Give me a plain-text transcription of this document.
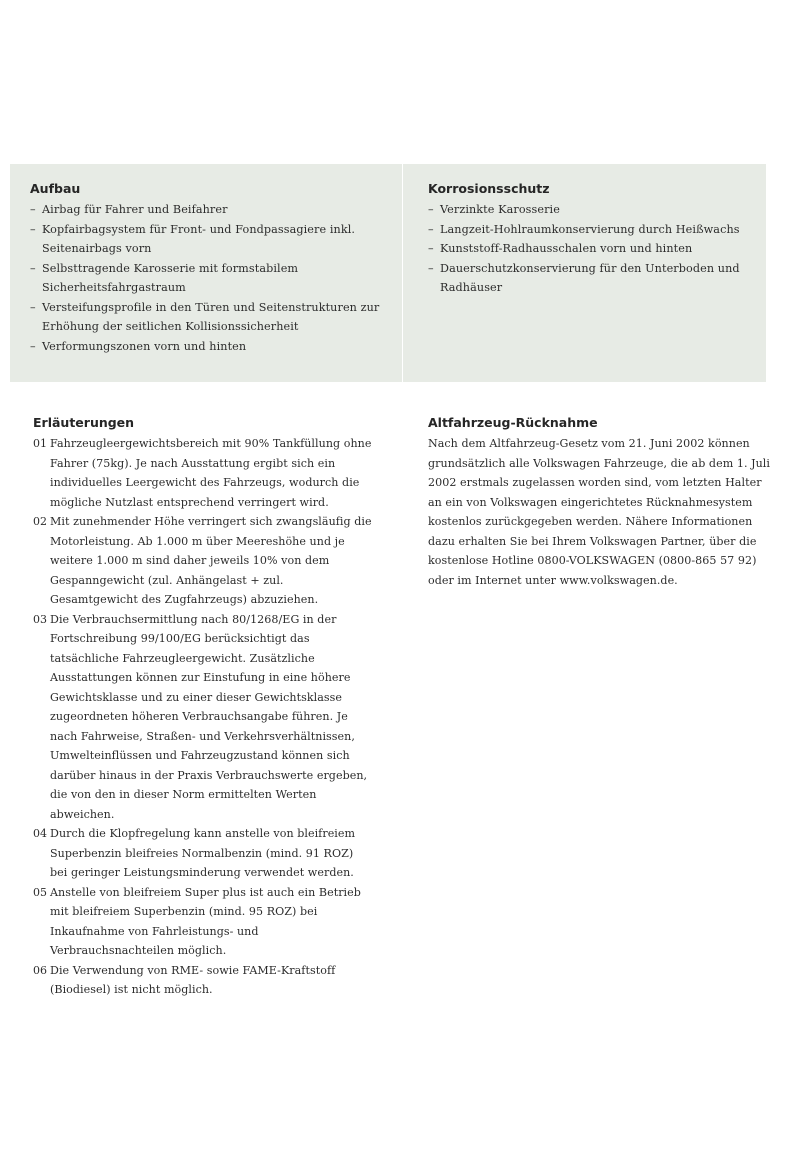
Aufbau
– Airbag für Fahrer und Beifahrer
– Kopfairbagsystem für Front- und Fondpassagiere inkl. Seitenairbags vorn
– Selbsttragende Karosserie mit formstabilem Sicherheitsfahrgastraum
– Versteifungsprofile in den Türen und Seitenstrukturen zur Erhöhung der seitlichen Kollisionssicherheit
– Verformungszonen vorn und hinten
Korrosionsschutz
– Verzinkte Karosserie
– Langzeit-Hohlraumkonservierung durch Heißwachs
– Kunststoff-Radhausschalen vorn und hinten
– Dauerschutzkonservierung für den Unterboden und Radhäuser
Erläuterungen
01 Fahrzeugleergewichtsbereich mit 90% Tankfüllung ohne Fahrer (75kg). Je nach Ausstattung ergibt sich ein individuelles Leergewicht des Fahrzeugs, wodurch die mögliche Nutzlast entsprechend verringert wird.
02 Mit zunehmender Höhe verringert sich zwangsläufig die Motorleistung. Ab 1.000 m über Meereshöhe und je weitere 1.000 m sind daher jeweils 10% von dem Gespanngewicht (zul. Anhängelast + zul. Gesamtgewicht des Zugfahrzeugs) abzuziehen.
03 Die Verbrauchsermittlung nach 80/1268/EG in der Fortschreibung 99/100/EG berücksichtigt das tatsächliche Fahrzeugleergewicht. Zusätzliche Ausstattungen können zur Einstufung in eine höhere Gewichtsklasse und zu einer dieser Gewichtsklasse zugeordneten höheren Verbrauchsangabe führen. Je nach Fahrweise, Straßen- und Verkehrsverhältnissen, Umwelteinflüssen und Fahrzeugzustand können sich darüber hinaus in der Praxis Verbrauchswerte ergeben, die von den in dieser Norm ermittelten Werten abweichen.
04 Durch die Klopfregelung kann anstelle von bleifreiem Superbenzin bleifreies Normalbenzin (mind. 91 ROZ) bei geringer Leistungsminderung verwendet werden.
05 Anstelle von bleifreiem Super plus ist auch ein Betrieb mit bleifreiem Superbenzin (mind. 95 ROZ) bei Inkaufnahme von Fahrleistungs- und Verbrauchsnachteilen möglich.
06 Die Verwendung von RME- sowie FAME-Kraftstoff (Biodiesel) ist nicht möglich.
Altfahrzeug-Rücknahme

Nach dem Altfahrzeug-Gesetz vom 21. Juni 2002 können grundsätzlich alle Volkswagen Fahrzeuge, die ab dem 1. Juli 2002 erstmals zugelassen worden sind, vom letzten Halter an ein von Volkswagen eingerichtetes Rücknahmesystem kostenlos zurückgegeben werden. Nähere Informationen dazu erhalten Sie bei Ihrem Volkswagen Partner, über die kostenlose Hotline 0800-VOLKSWAGEN (0800-865 57 92) oder im Internet unter www.volkswagen.de.
